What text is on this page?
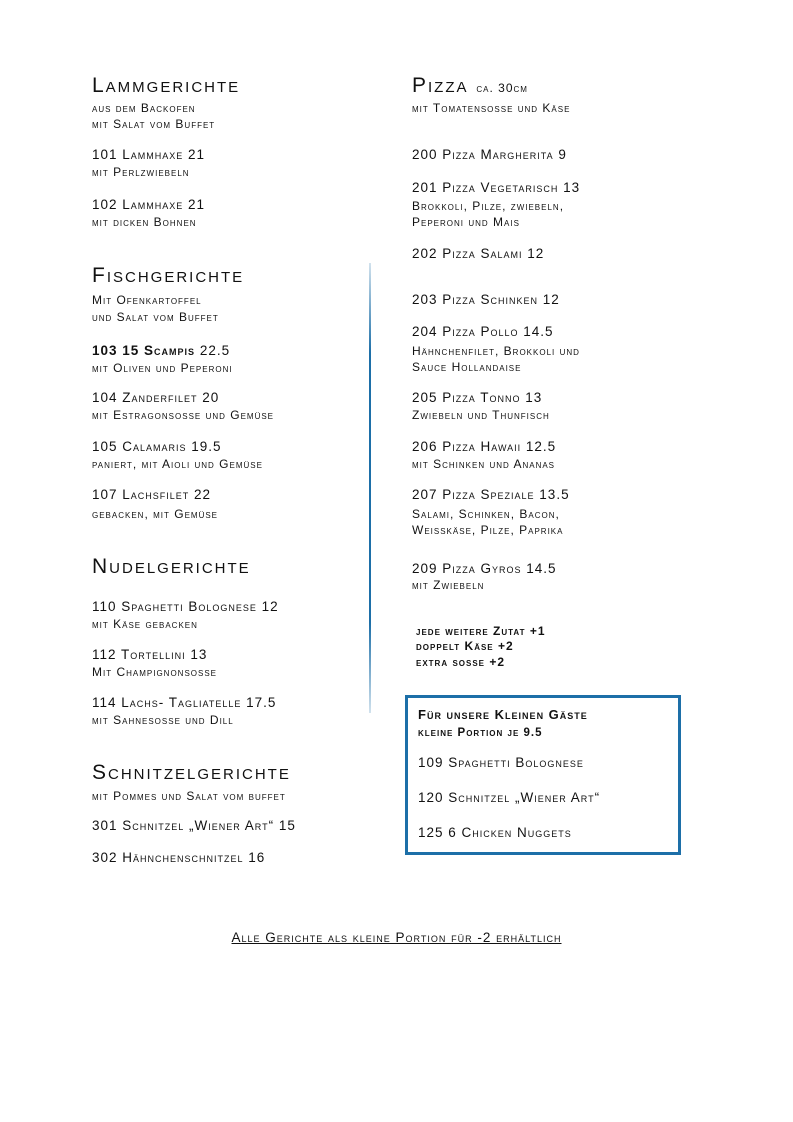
Lammgerichte
aus dem Backofen
mit Salat vom Buffet
101 Lammhaxe 21
mit Perlzwiebeln
102 Lammhaxe 21
mit dicken Bohnen
Fischgerichte
Mit Ofenkartoffel
und Salat vom Buffet
103 15 Scampis 22.5
mit Oliven und Peperoni
104 Zanderfilet 20
mit Estragonsosse und Gemüse
105 Calamaris 19.5
paniert, mit Aioli und Gemüse
107 Lachsfilet 22
gebacken, mit Gemüse
Nudelgerichte
110 Spaghetti Bolognese 12
mit Käse gebacken
112 Tortellini 13
Mit Champignonsosse
114 Lachs- Tagliatelle 17.5
mit Sahnesosse und Dill
Schnitzelgerichte
mit Pommes und Salat vom buffet
301 Schnitzel „Wiener Art“ 15
302 Hähnchenschnitzel 16
Pizza ca. 30cm
mit Tomatensosse und Käse
200 Pizza Margherita 9
201 Pizza Vegetarisch 13
Brokkoli, Pilze, zwiebeln,
Peperoni und Mais
202 Pizza Salami 12
203 Pizza Schinken 12
204 Pizza Pollo 14.5
Hähnchenfilet, Brokkoli und
Sauce Hollandaise
205 Pizza Tonno 13
Zwiebeln und Thunfisch
206 Pizza Hawaii 12.5
mit Schinken und Ananas
207 Pizza Speziale 13.5
Salami, Schinken, Bacon,
Weisskäse, Pilze, Paprika
209 Pizza Gyros 14.5
mit Zwiebeln
jede weitere Zutat +1
doppelt Käse +2
extra sosse +2
Für unsere Kleinen Gäste
kleine Portion je 9.5
109 Spaghetti Bolognese
120 Schnitzel „Wiener Art“
125 6 Chicken Nuggets
Alle Gerichte als kleine Portion für -2 erhältlich
